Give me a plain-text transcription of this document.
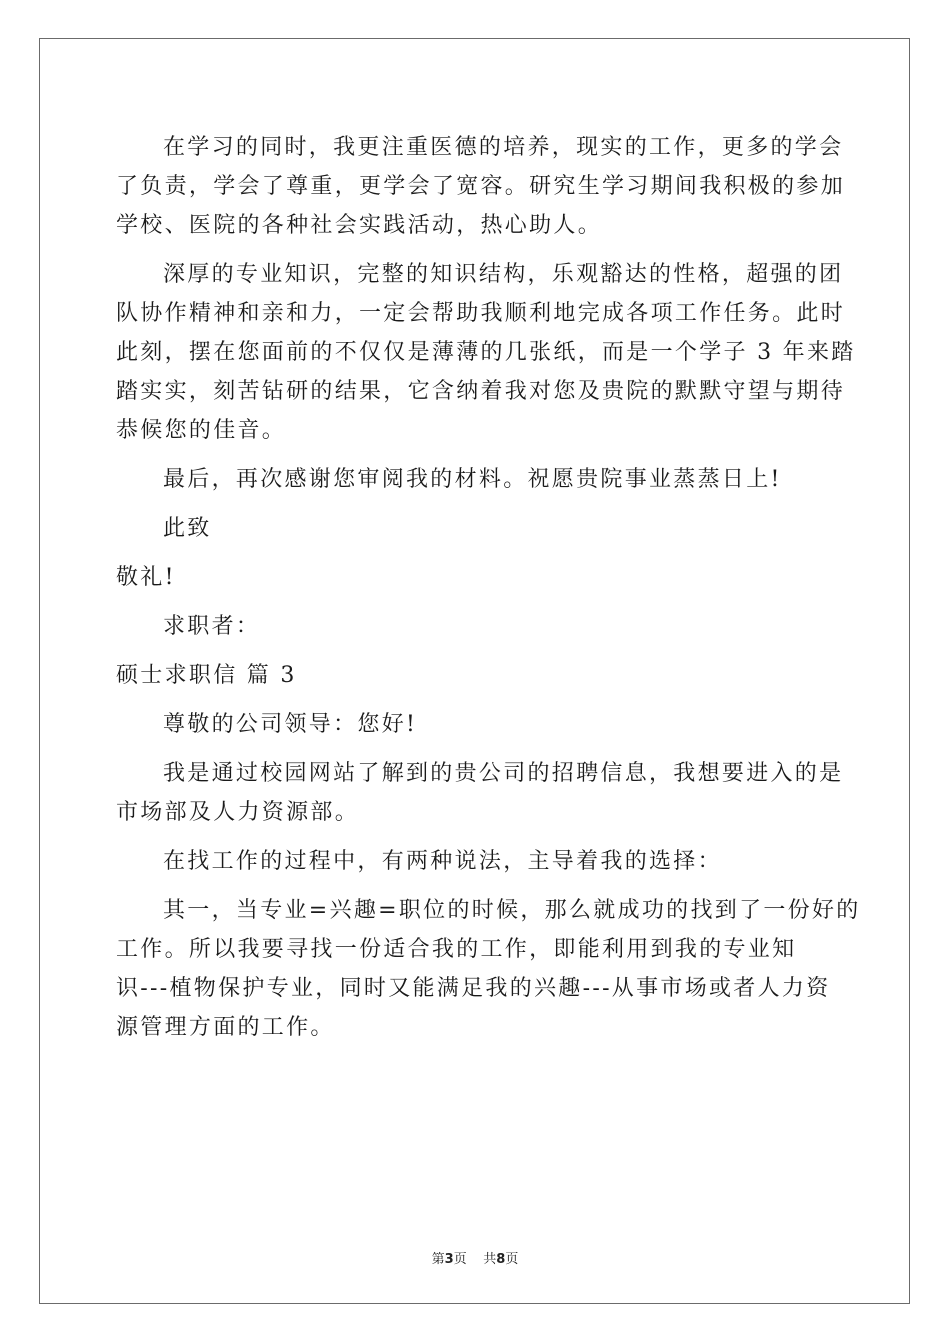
在学习的同时，我更注重医德的培养，现实的工作，更多的学会
了负责，学会了尊重，更学会了宽容。研究生学习期间我积极的参加
学校、医院的各种社会实践活动，热心助人。

深厚的专业知识，完整的知识结构，乐观豁达的性格，超强的团
队协作精神和亲和力，一定会帮助我顺利地完成各项工作任务。此时
此刻，摆在您面前的不仅仅是薄薄的几张纸，而是一个学子 3 年来踏
踏实实，刻苦钻研的结果，它含纳着我对您及贵院的默默守望与期待
恭候您的佳音。

最后，再次感谢您审阅我的材料。祝愿贵院事业蒸蒸日上!

此致

敬礼!

求职者：

硕士求职信 篇 3

尊敬的公司领导：您好!

我是通过校园网站了解到的贵公司的招聘信息，我想要进入的是
市场部及人力资源部。

在找工作的过程中，有两种说法，主导着我的选择：

其一，当专业=兴趣=职位的时候，那么就成功的找到了一份好的
工作。所以我要寻找一份适合我的工作，即能利用到我的专业知
识---植物保护专业，同时又能满足我的兴趣---从事市场或者人力资
源管理方面的工作。

第3页 共8页
